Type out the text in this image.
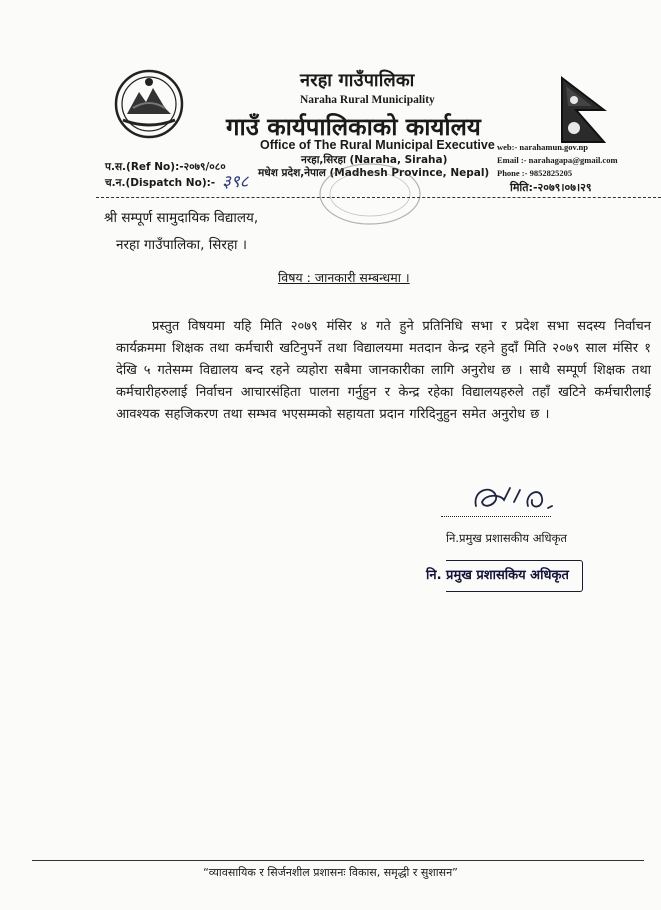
नरहा गाउँपालिका
Naraha Rural Municipality
गाउँ कार्यपालिकाको कार्यालय
Office of The Rural Municipal Executive
नरहा,सिरहा (Naraha, Siraha)
मधेश प्रदेश,नेपाल (Madhesh Province, Nepal)
web:- narahamun.gov.np
Email :- narahagapa@gmail.com
Phone :- 9852825205
प.स.(Ref No):-२०७९/०८०
च.न.(Dispatch No):- ३९८	मिति:-२०७९।०७।२९
श्री सम्पूर्ण सामुदायिक विद्यालय,
नरहा गाउँपालिका, सिरहा ।
विषय : जानकारी सम्बन्धमा ।
प्रस्तुत विषयमा यहि मिति २०७९ मंसिर ४ गते हुने प्रतिनिधि सभा र प्रदेश सभा सदस्य निर्वाचन कार्यक्रममा शिक्षक तथा कर्मचारी खटिनुपर्ने तथा विद्यालयमा मतदान केन्द्र रहने हुदाँ मिति २०७९ साल मंसिर १ देखि ५ गतेसम्म विद्यालय बन्द रहने व्यहोरा सबैमा जानकारीका लागि अनुरोध छ । साथै सम्पूर्ण शिक्षक तथा कर्मचारीहरुलाई निर्वाचन आचारसंहिता पालना गर्नुहुन र केन्द्र रहेका विद्यालयहरुले तहाँ खटिने कर्मचारीलाई आवश्यक सहजिकरण तथा सम्भव भएसम्मको सहायता प्रदान गरिदिनुहुन समेत अनुरोध छ ।
नि.प्रमुख प्रशासकीय अधिकृत
नि. प्रमुख प्रशासकिय अधिकृत
“व्यावसायिक र सिर्जनशील प्रशासनः विकास, समृद्धी र सुशासन”
